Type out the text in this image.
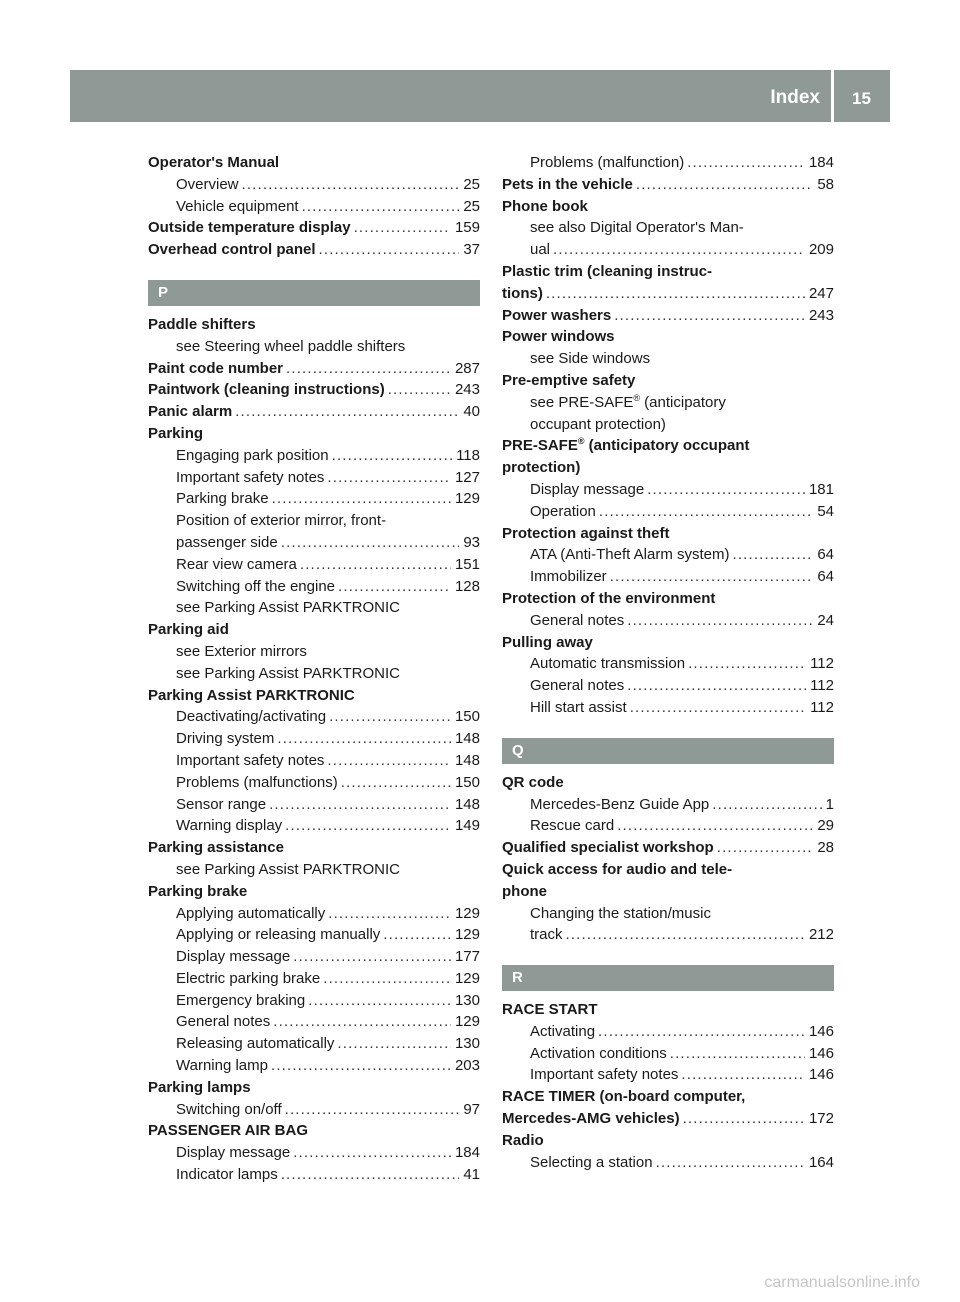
Index 15
Operator's Manual
Overview . . .	25
Vehicle equipment . . .	25
Outside temperature display . . .	159
Overhead control panel . . .	37
P
Paddle shifters
see Steering wheel paddle shifters
Paint code number . . .	287
Paintwork (cleaning instructions) . . .	243
Panic alarm . . .	40
Parking
Engaging park position . . .	118
Important safety notes . . .	127
Parking brake . . .	129
Position of exterior mirror, front-
passenger side . . .	93
Rear view camera . . .	151
Switching off the engine . . .	128
see Parking Assist PARKTRONIC
Parking aid
see Exterior mirrors
see Parking Assist PARKTRONIC
Parking Assist PARKTRONIC
Deactivating/activating . . .	150
Driving system . . .	148
Important safety notes . . .	148
Problems (malfunctions) . . .	150
Sensor range . . .	148
Warning display . . .	149
Parking assistance
see Parking Assist PARKTRONIC
Parking brake
Applying automatically . . .	129
Applying or releasing manually . . .	129
Display message . . .	177
Electric parking brake . . .	129
Emergency braking . . .	130
General notes . . .	129
Releasing automatically . . .	130
Warning lamp . . .	203
Parking lamps
Switching on/off . . .	97
PASSENGER AIR BAG
Display message . . .	184
Indicator lamps . . .	41
Problems (malfunction) . . .	184
Pets in the vehicle . . .	58
Phone book
see also Digital Operator's Man-
ual . . .	209
Plastic trim (cleaning instruc-
tions) . . .	247
Power washers . . .	243
Power windows
see Side windows
Pre-emptive safety
see PRE-SAFE® (anticipatory
occupant protection)
PRE-SAFE® (anticipatory occupant
protection)
Display message . . .	181
Operation . . .	54
Protection against theft
ATA (Anti-Theft Alarm system) . . .	64
Immobilizer . . .	64
Protection of the environment
General notes . . .	24
Pulling away
Automatic transmission . . .	112
General notes . . .	112
Hill start assist . . .	112
Q
QR code
Mercedes-Benz Guide App . . .	1
Rescue card . . .	29
Qualified specialist workshop . . .	28
Quick access for audio and tele-
phone
Changing the station/music
track . . .	212
R
RACE START
Activating . . .	146
Activation conditions . . .	146
Important safety notes . . .	146
RACE TIMER (on-board computer,
Mercedes-AMG vehicles) . . .	172
Radio
Selecting a station . . .	164
carmanualsonline.info
